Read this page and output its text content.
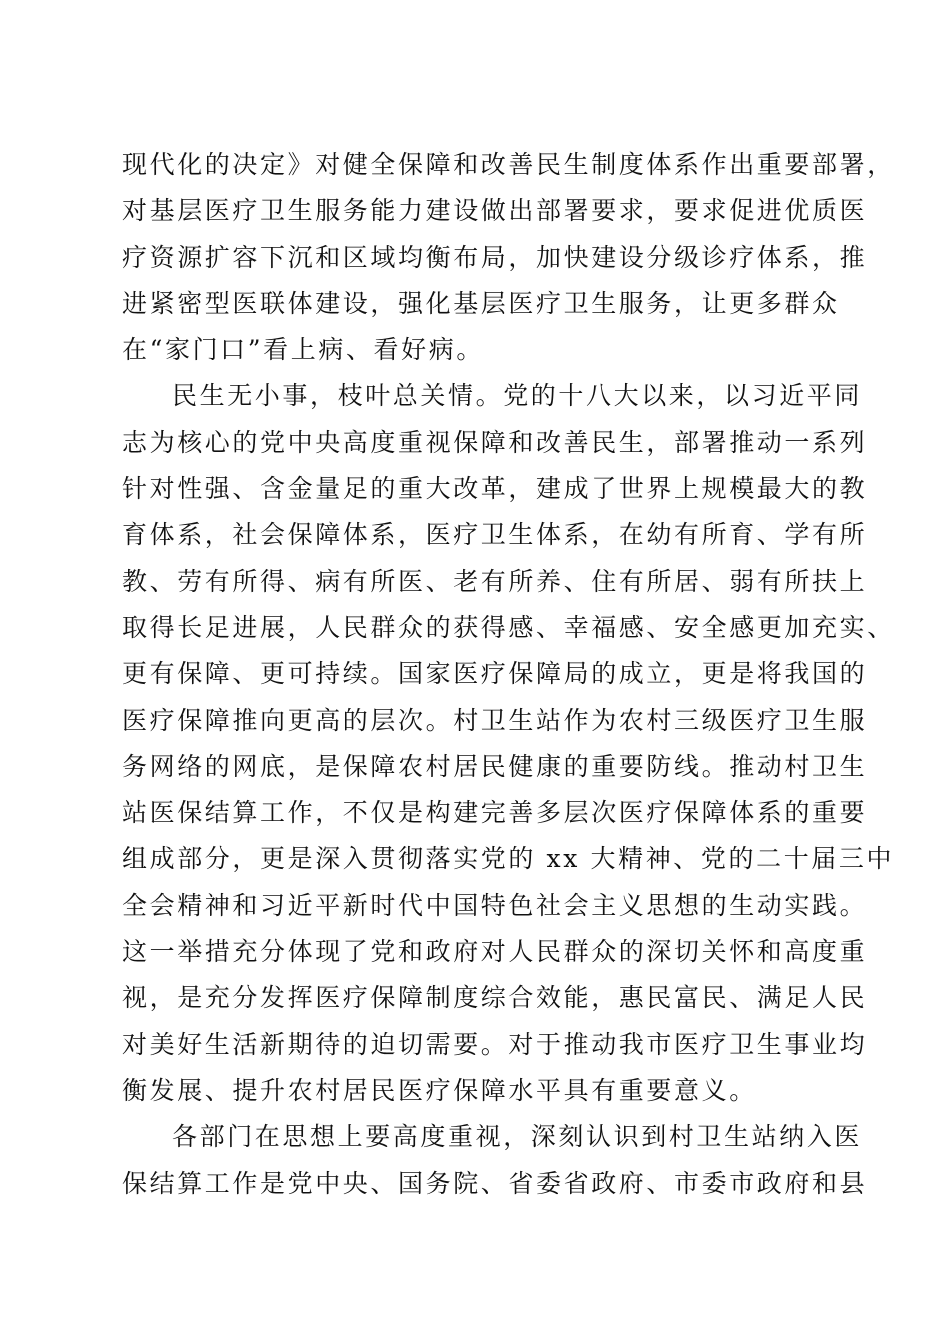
现代化的决定》对健全保障和改善民生制度体系作出重要部署，
对基层医疗卫生服务能力建设做出部署要求，要求促进优质医
疗资源扩容下沉和区域均衡布局，加快建设分级诊疗体系，推
进紧密型医联体建设，强化基层医疗卫生服务，让更多群众
在“家门口”看上病、看好病。
民生无小事，枝叶总关情。党的十八大以来，以习近平同
志为核心的党中央高度重视保障和改善民生，部署推动一系列
针对性强、含金量足的重大改革，建成了世界上规模最大的教
育体系，社会保障体系，医疗卫生体系，在幼有所育、学有所
教、劳有所得、病有所医、老有所养、住有所居、弱有所扶上
取得长足进展，人民群众的获得感、幸福感、安全感更加充实、
更有保障、更可持续。国家医疗保障局的成立，更是将我国的
医疗保障推向更高的层次。村卫生站作为农村三级医疗卫生服
务网络的网底，是保障农村居民健康的重要防线。推动村卫生
站医保结算工作，不仅是构建完善多层次医疗保障体系的重要
组成部分，更是深入贯彻落实党的 xx 大精神、党的二十届三中
全会精神和习近平新时代中国特色社会主义思想的生动实践。
这一举措充分体现了党和政府对人民群众的深切关怀和高度重
视，是充分发挥医疗保障制度综合效能，惠民富民、满足人民
对美好生活新期待的迫切需要。对于推动我市医疗卫生事业均
衡发展、提升农村居民医疗保障水平具有重要意义。
各部门在思想上要高度重视，深刻认识到村卫生站纳入医
保结算工作是党中央、国务院、省委省政府、市委市政府和县
